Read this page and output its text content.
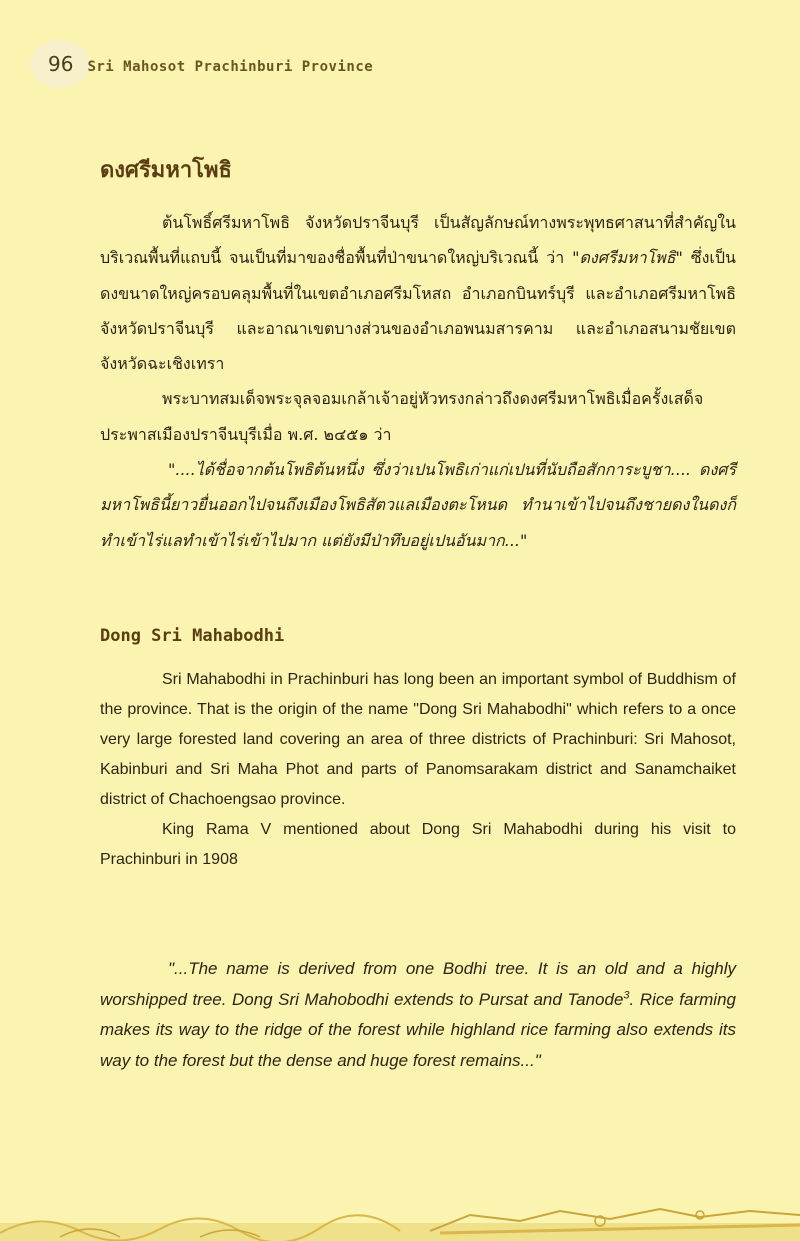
96 Sri Mahosot Prachinburi Province
ดงศรีมหาโพธิ

ต้นโพธิ์ศรีมหาโพธิ จังหวัดปราจีนบุรี เป็นสัญลักษณ์ทางพระพุทธศาสนาที่สำคัญในบริเวณพื้นที่แถบนี้ จนเป็นที่มาของชื่อพื้นที่ป่าขนาดใหญ่บริเวณนี้ ว่า "ดงศรีมหาโพธิ" ซึ่งเป็นดงขนาดใหญ่ครอบคลุมพื้นที่ในเขตอำเภอศรีมโหสถ อำเภอกบินทร์บุรี และอำเภอศรีมหาโพธิ จังหวัดปราจีนบุรี และอาณาเขตบางส่วนของอำเภอพนมสารคาม และอำเภอสนามชัยเขต จังหวัดฉะเชิงเทรา

พระบาทสมเด็จพระจุลจอมเกล้าเจ้าอยู่หัวทรงกล่าวถึงดงศรีมหาโพธิเมื่อครั้งเสด็จประพาสเมืองปราจีนบุรีเมื่อ พ.ศ. ๒๔๕๑ ว่า

"....ได้ชื่อจากต้นโพธิต้นหนึ่ง ซึ่งว่าเปนโพธิเก่าแก่เปนที่นับถือสักการะบูชา.... ดงศรีมหาโพธินี้ยาวยื่นออกไปจนถึงเมืองโพธิสัตวแลเมืองตะโหนด ทำนาเข้าไปจนถึงชายดงในดงก็ทำเข้าไร่แลทำเข้าไร่เข้าไปมาก แต่ยังมีป่าทึบอยู่เปนอันมาก..."

Dong Sri Mahabodhi

Sri Mahabodhi in Prachinburi has long been an important symbol of Buddhism of the province. That is the origin of the name "Dong Sri Mahabodhi" which refers to a once very large forested land covering an area of three districts of Prachinburi: Sri Mahosot, Kabinburi and Sri Maha Phot and parts of Panomsarakam district and Sanamchaiket district of Chachoengsao province.

King Rama V mentioned about Dong Sri Mahabodhi during his visit to Prachinburi in 1908

"...The name is derived from one Bodhi tree. It is an old and a highly worshipped tree. Dong Sri Mahobodhi extends to Pursat and Tanode$^3$. Rice farming makes its way to the ridge of the forest while highland rice farming also extends its way to the forest but the dense and huge forest remains..."
